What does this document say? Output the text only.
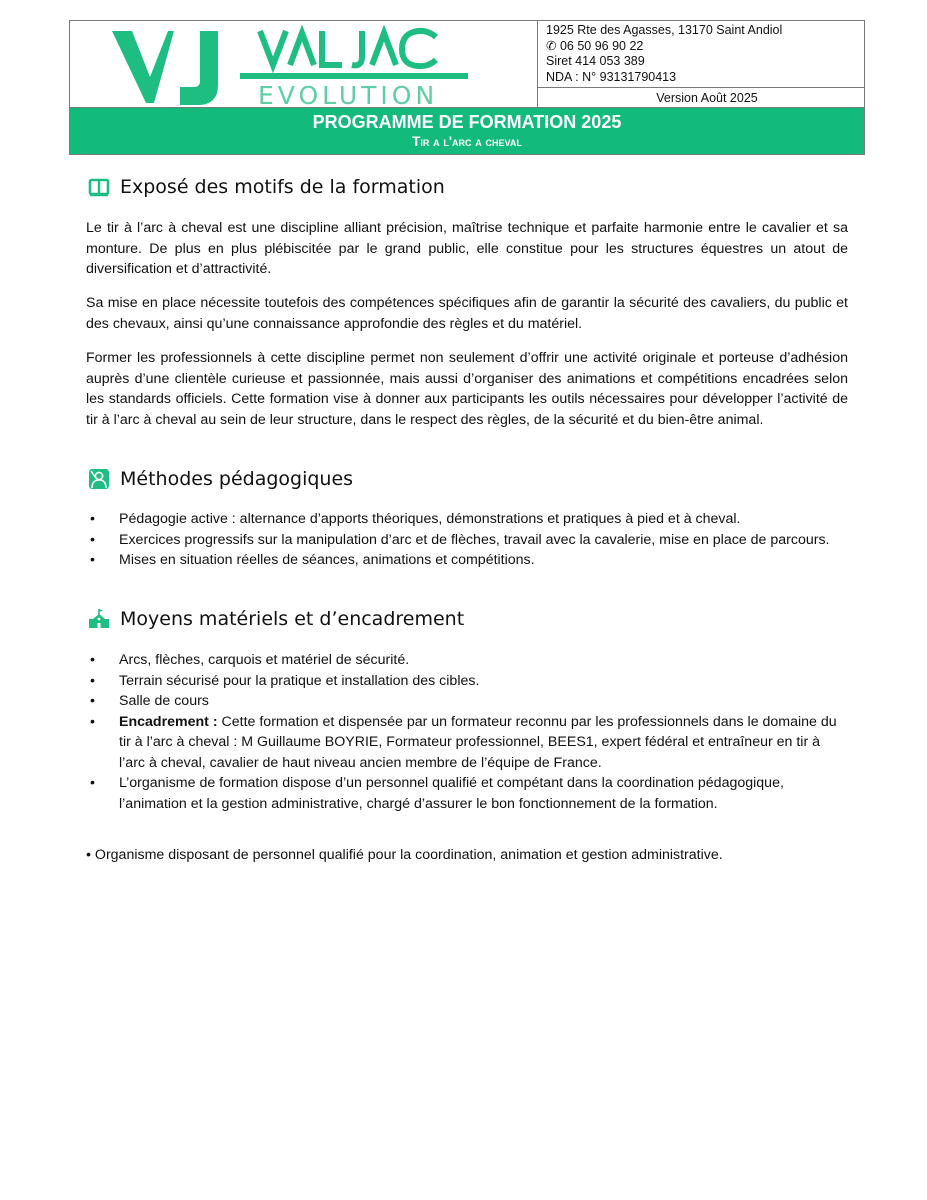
EVOLUTION
1925 Rte des Agasses, 13170 Saint Andiol
✆ 06 50 96 90 22
Siret 414 053 389
NDA : N° 93131790413
Version Août 2025
PROGRAMME DE FORMATION 2025
Tir a l'arc a cheval
Exposé des motifs de la formation

Le tir à l’arc à cheval est une discipline alliant précision, maîtrise technique et parfaite harmonie entre le cavalier et sa monture. De plus en plus plébiscitée par le grand public, elle constitue pour les structures équestres un atout de diversification et d’attractivité.

Sa mise en place nécessite toutefois des compétences spécifiques afin de garantir la sécurité des cavaliers, du public et des chevaux, ainsi qu’une connaissance approfondie des règles et du matériel.

Former les professionnels à cette discipline permet non seulement d’offrir une activité originale et porteuse d’adhésion auprès d’une clientèle curieuse et passionnée, mais aussi d’organiser des animations et compétitions encadrées selon les standards officiels. Cette formation vise à donner aux participants les outils nécessaires pour développer l’activité de tir à l’arc à cheval au sein de leur structure, dans le respect des règles, de la sécurité et du bien-être animal.

Méthodes pédagogiques
• Pédagogie active : alternance d’apports théoriques, démonstrations et pratiques à pied et à cheval.
• Exercices progressifs sur la manipulation d’arc et de flèches, travail avec la cavalerie, mise en place de parcours.
• Mises en situation réelles de séances, animations et compétitions.
Moyens matériels et d’encadrement
• Arcs, flèches, carquois et matériel de sécurité.
• Terrain sécurisé pour la pratique et installation des cibles.
• Salle de cours
• Encadrement : Cette formation et dispensée par un formateur reconnu par les professionnels dans le domaine du tir à l’arc à cheval : M Guillaume BOYRIE, Formateur professionnel, BEES1, expert fédéral et entraîneur en tir à l’arc à cheval, cavalier de haut niveau ancien membre de l’équipe de France.
• L’organisme de formation dispose d’un personnel qualifié et compétant dans la coordination pédagogique, l’animation et la gestion administrative, chargé d’assurer le bon fonctionnement de la formation.

• Organisme disposant de personnel qualifié pour la coordination, animation et gestion administrative.
